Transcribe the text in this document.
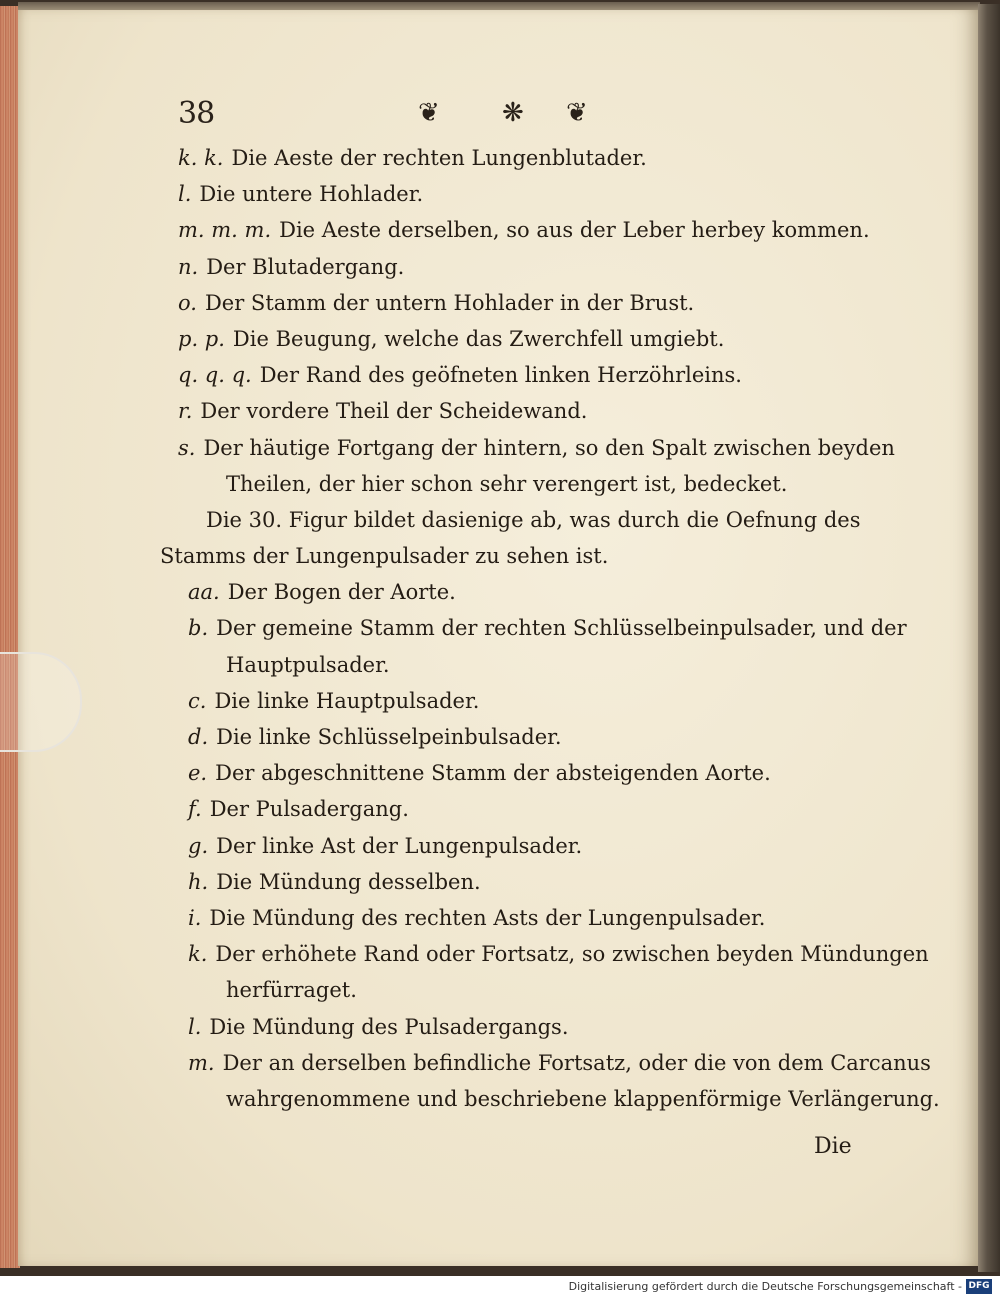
38	❦ ❋ ❦
k. k. Die Aeste der rechten Lungenblutader.
l. Die untere Hohlader.
m. m. m. Die Aeste derselben, so aus der Leber herbey kommen.
n. Der Blutadergang.
o. Der Stamm der untern Hohlader in der Brust.
p. p. Die Beugung, welche das Zwerchfell umgiebt.
q. q. q. Der Rand des geöfneten linken Herzöhrleins.
r. Der vordere Theil der Scheidewand.
s. Der häutige Fortgang der hintern, so den Spalt zwischen beyden
Theilen, der hier schon sehr verengert ist, bedecket.
Die 30. Figur bildet dasienige ab, was durch die Oefnung des
Stamms der Lungenpulsader zu sehen ist.
aa. Der Bogen der Aorte.
b. Der gemeine Stamm der rechten Schlüsselbeinpulsader, und der
Hauptpulsader.
c. Die linke Hauptpulsader.
d. Die linke Schlüsselpeinbulsader.
e. Der abgeschnittene Stamm der absteigenden Aorte.
f. Der Pulsadergang.
g. Der linke Ast der Lungenpulsader.
h. Die Mündung desselben.
i. Die Mündung des rechten Asts der Lungenpulsader.
k. Der erhöhete Rand oder Fortsatz, so zwischen beyden Mündungen
herfürraget.
l. Die Mündung des Pulsadergangs.
m. Der an derselben befindliche Fortsatz, oder die von dem Carcanus
wahrgenommene und beschriebene klappenförmige Verlängerung.
Die
Digitalisierung gefördert durch die Deutsche Forschungsgemeinschaft - DFG
